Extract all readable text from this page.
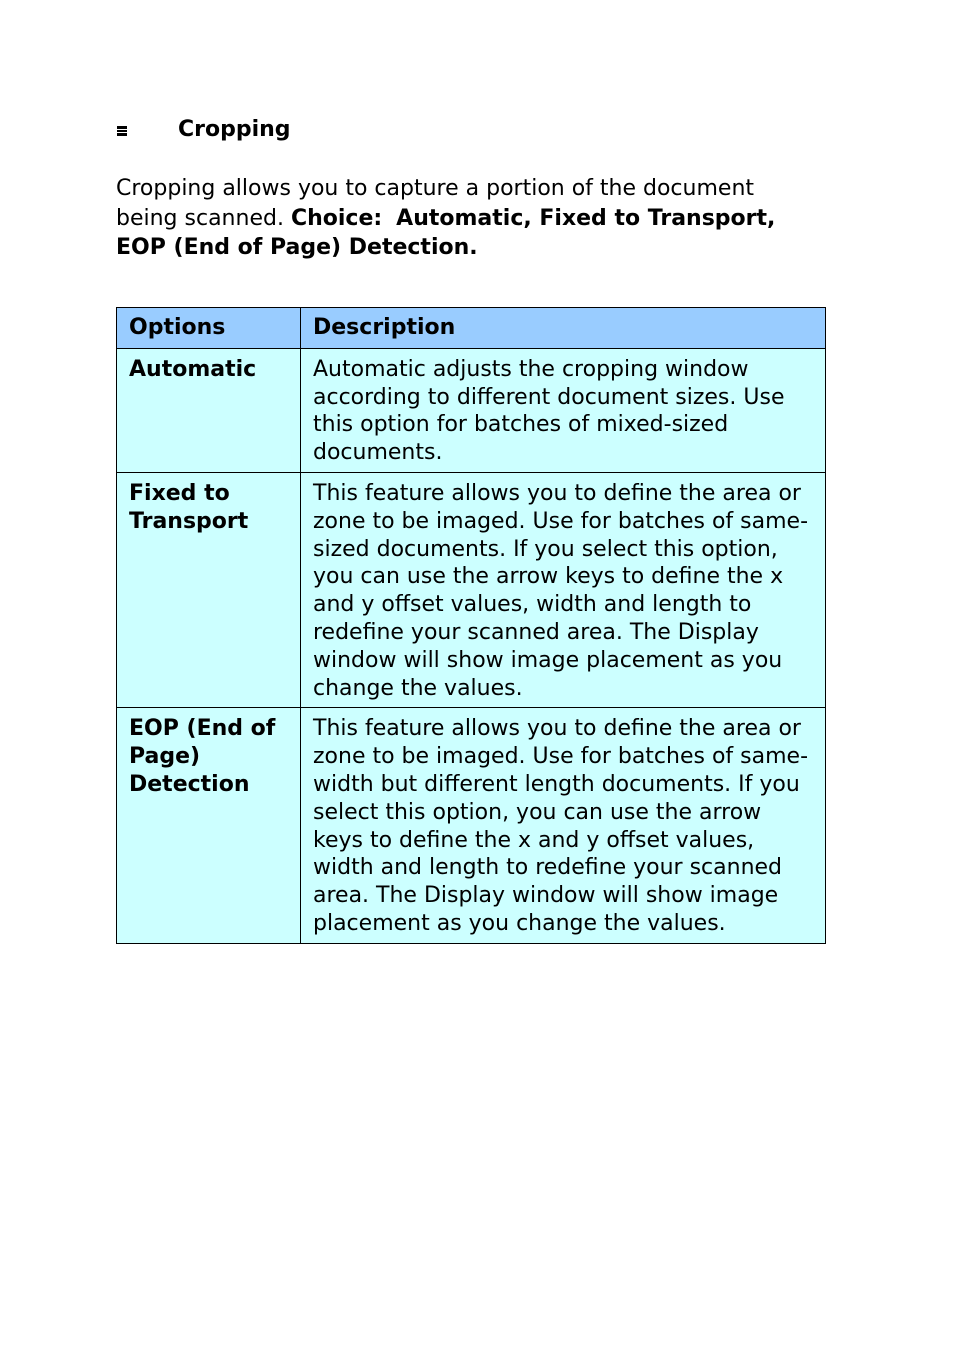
Cropping

Cropping allows you to capture a portion of the document being scanned. Choice: Automatic, Fixed to Transport, EOP (End of Page) Detection.

Options	Description
Automatic	Automatic adjusts the cropping window according to different document sizes. Use this option for batches of mixed-sized documents.
Fixed to Transport	This feature allows you to define the area or zone to be imaged. Use for batches of same-sized documents. If you select this option, you can use the arrow keys to define the x and y offset values, width and length to redefine your scanned area. The Display window will show image placement as you change the values.
EOP (End of Page) Detection	This feature allows you to define the area or zone to be imaged. Use for batches of same-width but different length documents. If you select this option, you can use the arrow keys to define the x and y offset values, width and length to redefine your scanned area. The Display window will show image placement as you change the values.
